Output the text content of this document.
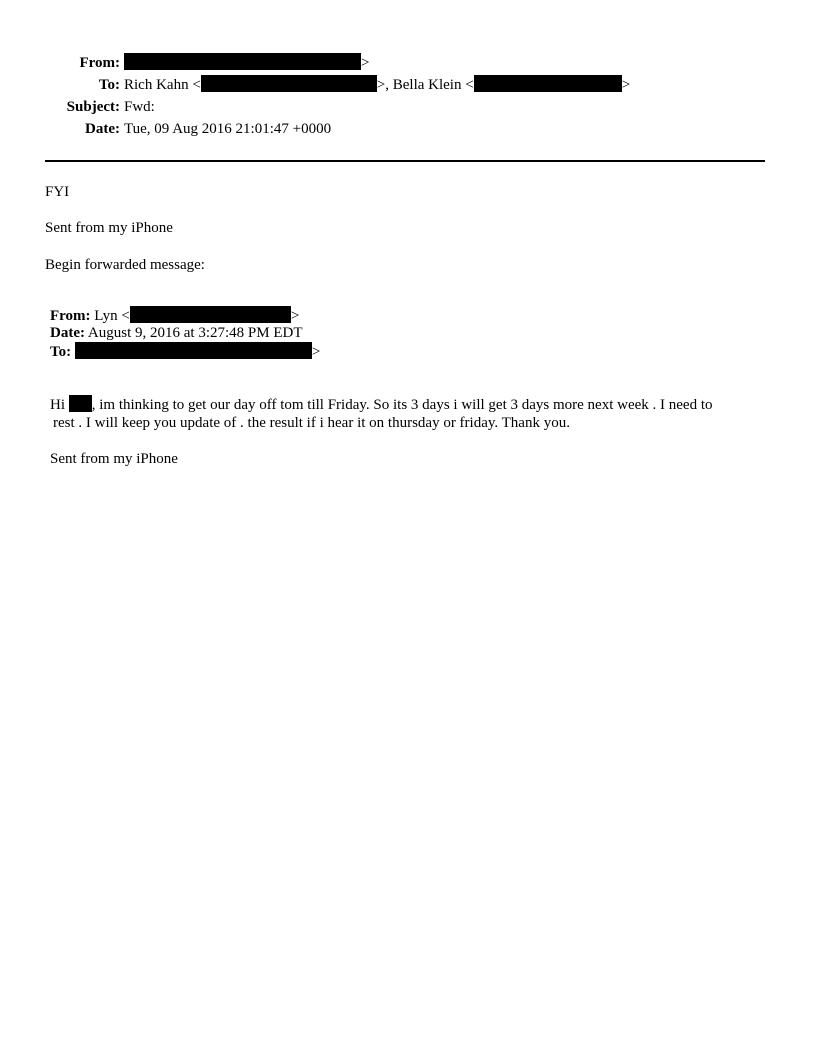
From:	>
To: Rich Kahn <	>, Bella Klein <	>
Subject: Fwd:
Date: Tue, 09 Aug 2016 21:01:47 +0000
FYI
Sent from my iPhone
Begin forwarded message:
From: Lyn <	>
Date: August 9, 2016 at 3:27:48 PM EDT
To:	>
Hi , im thinking to get our day off tom till Friday. So its 3 days i will get 3 days more next week . I need to
rest . I will keep you update of . the result if i hear it on thursday or friday. Thank you.
Sent from my iPhone
